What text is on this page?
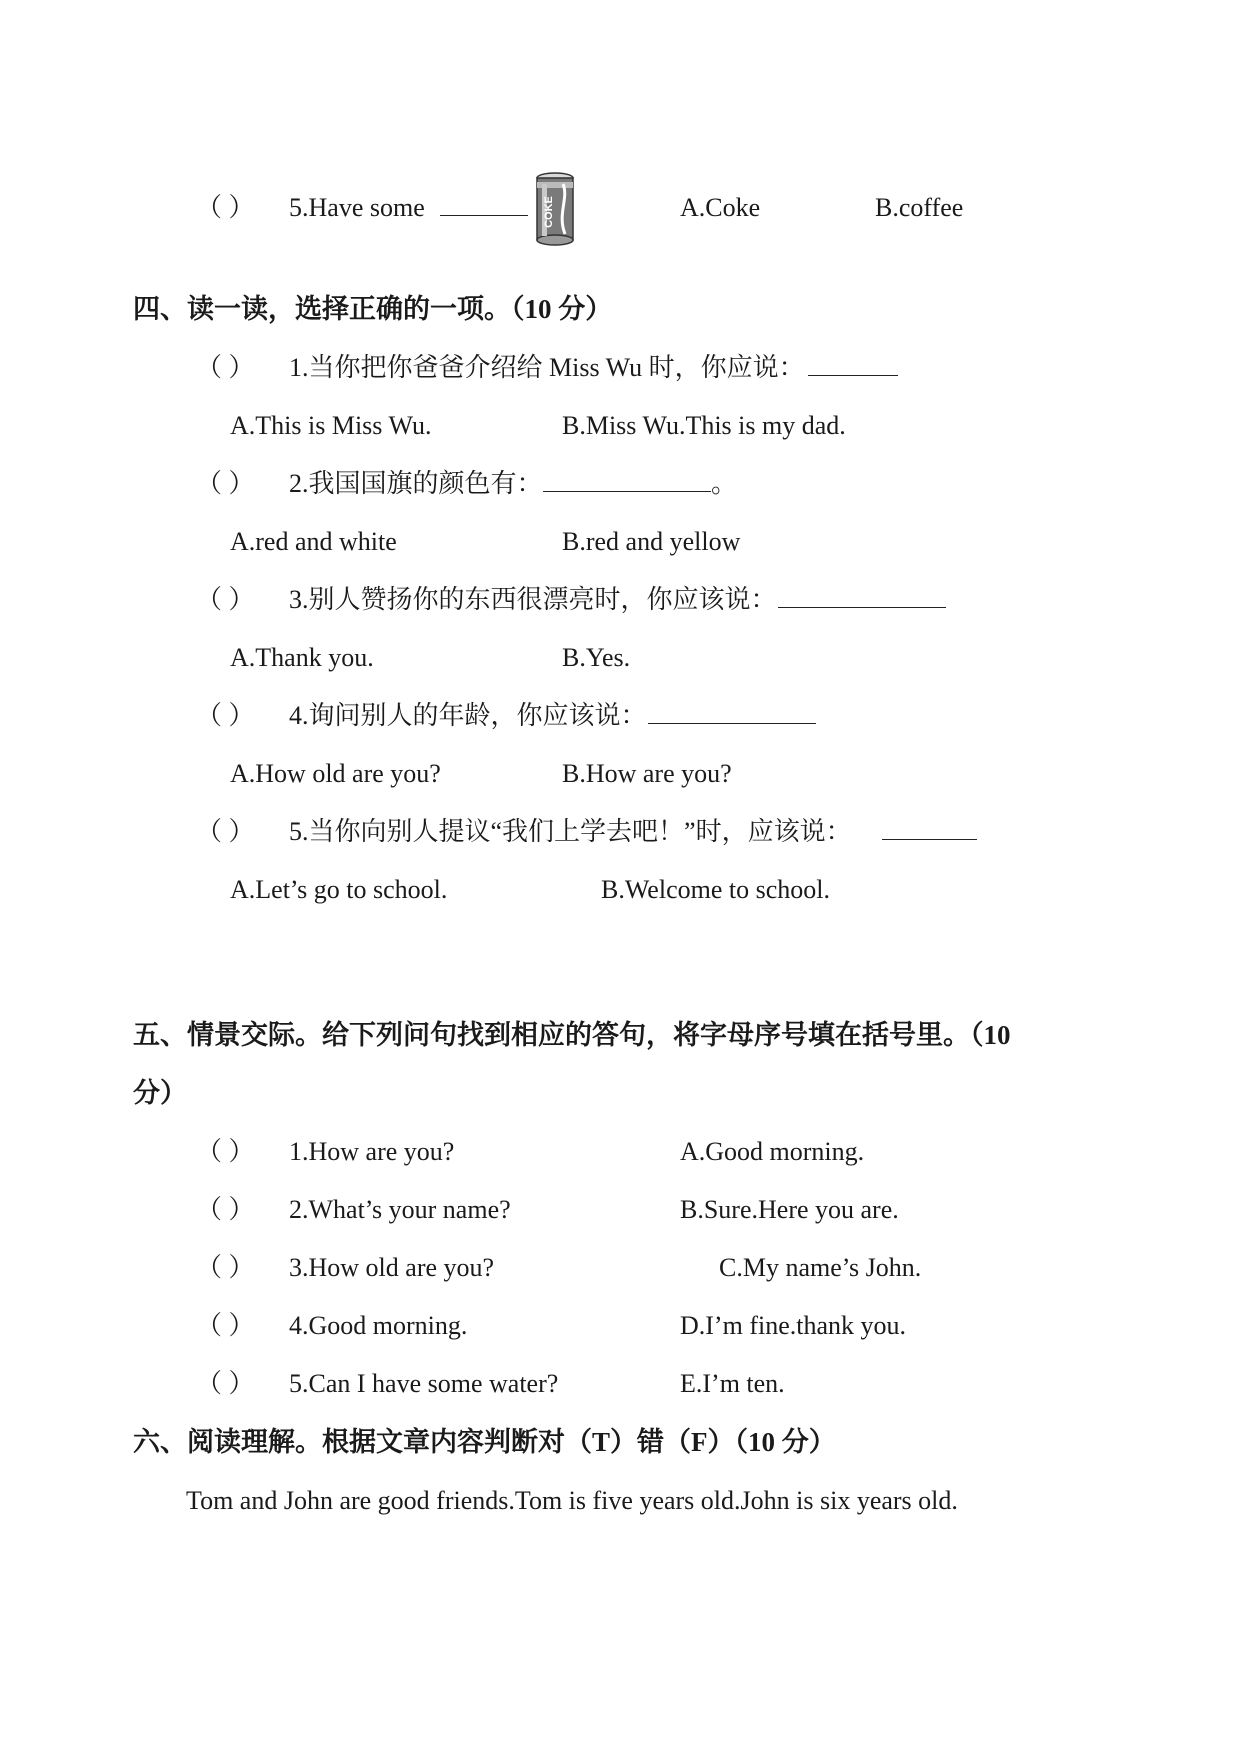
（ ） 5.Have some	COKE	A.Coke	B.coffee
四、读一读，选择正确的一项。（10 分）
（ ） 1.当你把你爸爸介绍给 Miss Wu 时，你应说：
A.This is Miss Wu.	B.Miss Wu.This is my dad.
（ ） 2.我国国旗的颜色有：	。
A.red and white	B.red and yellow
（ ） 3.别人赞扬你的东西很漂亮时，你应该说：
A.Thank you.	B.Yes.
（ ） 4.询问别人的年龄，你应该说：
A.How old are you?	B.How are you?
（ ） 5.当你向别人提议“我们上学去吧！”时，应该说：
A.Let’s go to school.	B.Welcome to school.
五、情景交际。给下列问句找到相应的答句，将字母序号填在括号里。（10
分）
（ ） 1.How are you?	A.Good morning.
（ ） 2.What’s your name?	B.Sure.Here you are.
（ ） 3.How old are you?	C.My name’s John.
（ ） 4.Good morning.	D.I’m fine.thank you.
（ ） 5.Can I have some water?	E.I’m ten.
六、阅读理解。根据文章内容判断对（T）错（F）（10 分）
Tom and John are good friends.Tom is five years old.John is six years old.
